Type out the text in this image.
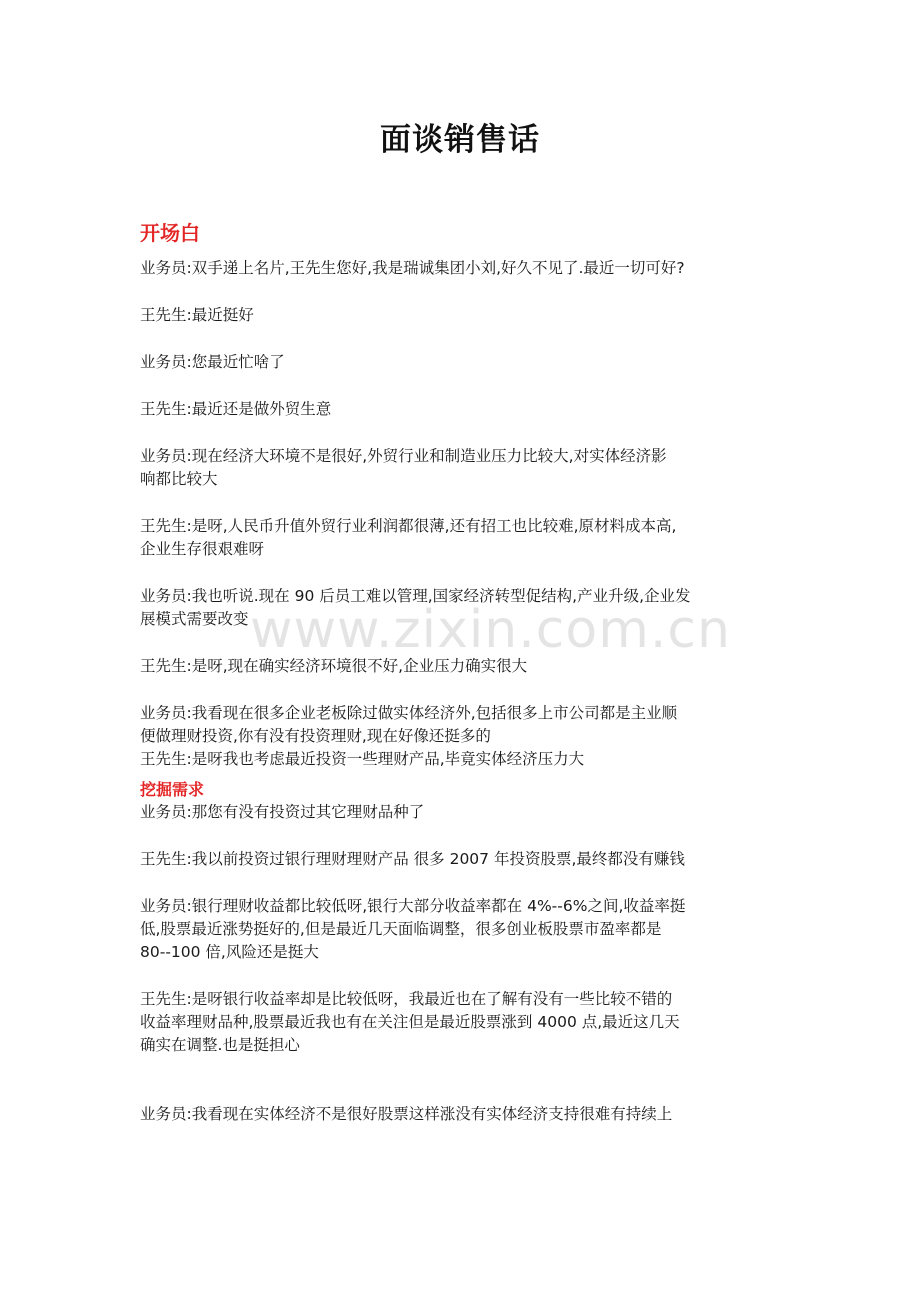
www.zixin.com.cn
面谈销售话
开场白

业务员:双手递上名片,王先生您好,我是瑞诚集团小刘,好久不见了.最近一切可好?

王先生:最近挺好

业务员:您最近忙啥了

王先生:最近还是做外贸生意

业务员:现在经济大环境不是很好,外贸行业和制造业压力比较大,对实体经济影

响都比较大

王先生:是呀,人民币升值外贸行业利润都很薄,还有招工也比较难,原材料成本高,

企业生存很艰难呀

业务员:我也听说.现在 90 后员工难以管理,国家经济转型促结构,产业升级,企业发

展模式需要改变

王先生:是呀,现在确实经济环境很不好,企业压力确实很大

业务员:我看现在很多企业老板除过做实体经济外,包括很多上市公司都是主业顺

便做理财投资,你有没有投资理财,现在好像还挺多的

王先生:是呀我也考虑最近投资一些理财产品,毕竟实体经济压力大

挖掘需求

业务员:那您有没有投资过其它理财品种了

王先生:我以前投资过银行理财理财产品 很多 2007 年投资股票,最终都没有赚钱

业务员:银行理财收益都比较低呀,银行大部分收益率都在 4%--6%之间,收益率挺

低,股票最近涨势挺好的,但是最近几天面临调整，很多创业板股票市盈率都是

80--100 倍,风险还是挺大

王先生:是呀银行收益率却是比较低呀，我最近也在了解有没有一些比较不错的

收益率理财品种,股票最近我也有在关注但是最近股票涨到 4000 点,最近这几天

确实在调整.也是挺担心

业务员:我看现在实体经济不是很好股票这样涨没有实体经济支持很难有持续上
